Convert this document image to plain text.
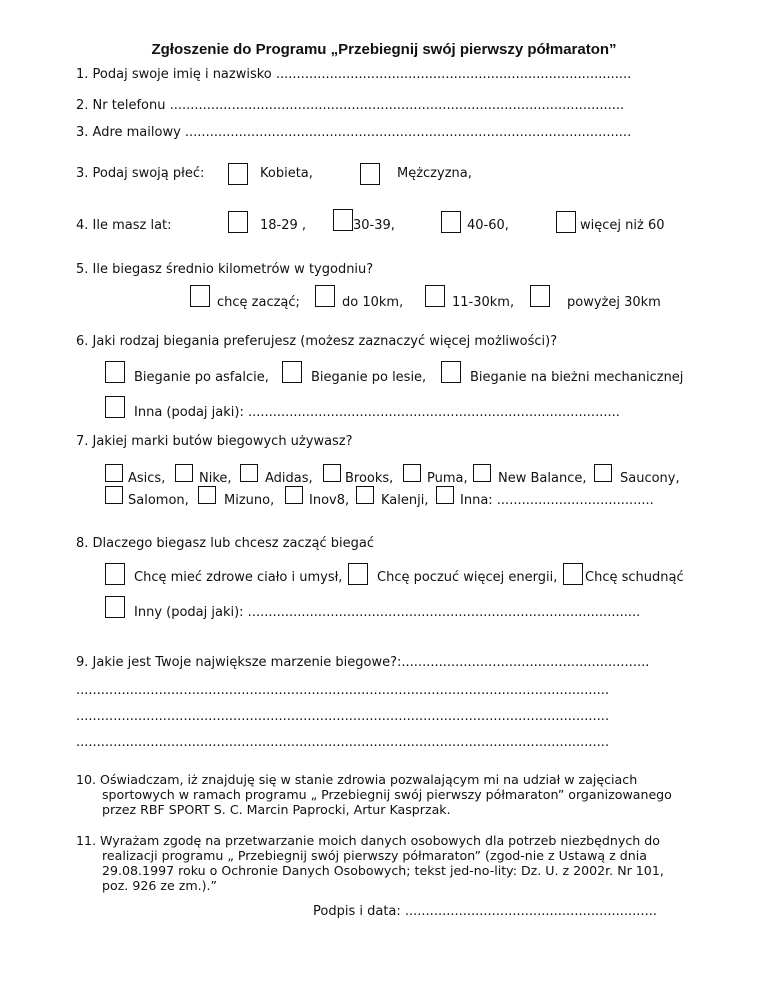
Zgłoszenie do Programu „Przebiegnij swój pierwszy półmaraton”
1. Podaj swoje imię i nazwisko ......................................................................................
2. Nr telefonu ..............................................................................................................
3. Adre mailowy ............................................................................................................
3. Podaj swoją płeć:	Kobieta,	Mężczyzna,
4. Ile masz lat:	18-29 ,	30-39,	40-60,	więcej niż 60
5. Ile biegasz średnio kilometrów w tygodniu?
chcę zacząć;	do 10km,	11-30km,	powyżej 30km
6. Jaki rodzaj biegania preferujesz (możesz zaznaczyć więcej możliwości)?
Bieganie po asfalcie,	Bieganie po lesie,	Bieganie na bieżni mechanicznej
Inna (podaj jaki): ..........................................................................................
7. Jakiej marki butów biegowych używasz?
Asics,	Nike,	Adidas, Brooks,	Puma, New Balance,	Saucony,
Salomon,	Mizuno,	Inov8, Kalenji, Inna: ......................................
8. Dlaczego biegasz lub chcesz zacząć biegać
Chcę mieć zdrowe ciało i umysł,	Chcę poczuć więcej energii, Chcę schudnąć
Inny (podaj jaki): ...............................................................................................
9. Jakie jest Twoje największe marzenie biegowe?:............................................................
.................................................................................................................................
.................................................................................................................................
.................................................................................................................................
10. Oświadczam, iż znajduję się w stanie zdrowia pozwalającym mi na udział w zajęciach
sportowych w ramach programu „ Przebiegnij swój pierwszy półmaraton” organizowanego
przez RBF SPORT S. C. Marcin Paprocki, Artur Kasprzak.
11. Wyrażam zgodę na przetwarzanie moich danych osobowych dla potrzeb niezbędnych do
realizacji programu „ Przebiegnij swój pierwszy półmaraton” (zgod-nie z Ustawą z dnia
29.08.1997 roku o Ochronie Danych Osobowych; tekst jed-no-lity: Dz. U. z 2002r. Nr 101,
poz. 926 ze zm.).”
Podpis i data: .............................................................
